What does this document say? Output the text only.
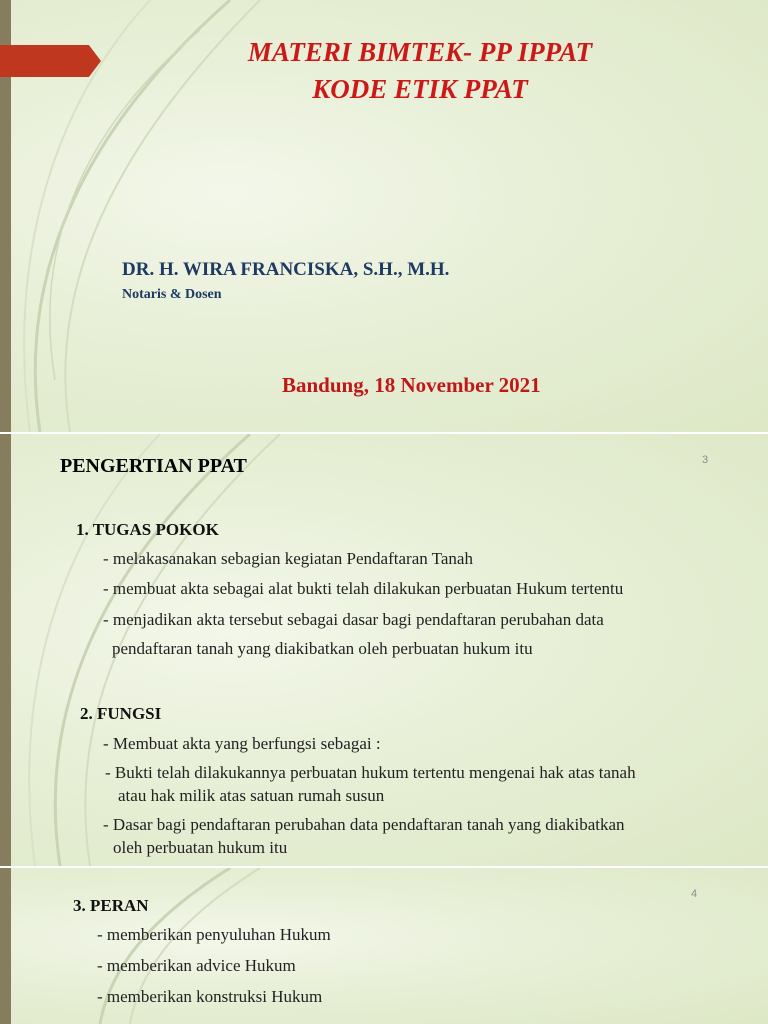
MATERI BIMTEK- PP IPPAT
KODE ETIK PPAT
DR. H. WIRA FRANCISKA, S.H., M.H.
Notaris & Dosen
Bandung, 18 November 2021
3
PENGERTIAN PPAT
1. TUGAS POKOK
- melakasanakan sebagian kegiatan Pendaftaran Tanah
- membuat akta sebagai alat bukti telah dilakukan perbuatan Hukum tertentu
- menjadikan akta tersebut sebagai dasar bagi pendaftaran perubahan data
pendaftaran tanah yang diakibatkan oleh perbuatan hukum itu
2. FUNGSI
- Membuat akta yang berfungsi sebagai :
- Bukti telah dilakukannya perbuatan hukum tertentu mengenai hak atas tanah
atau hak milik atas satuan rumah susun
- Dasar bagi pendaftaran perubahan data pendaftaran tanah yang diakibatkan
oleh perbuatan hukum itu
4
3. PERAN
- memberikan penyuluhan Hukum
- memberikan advice Hukum
- memberikan konstruksi Hukum
